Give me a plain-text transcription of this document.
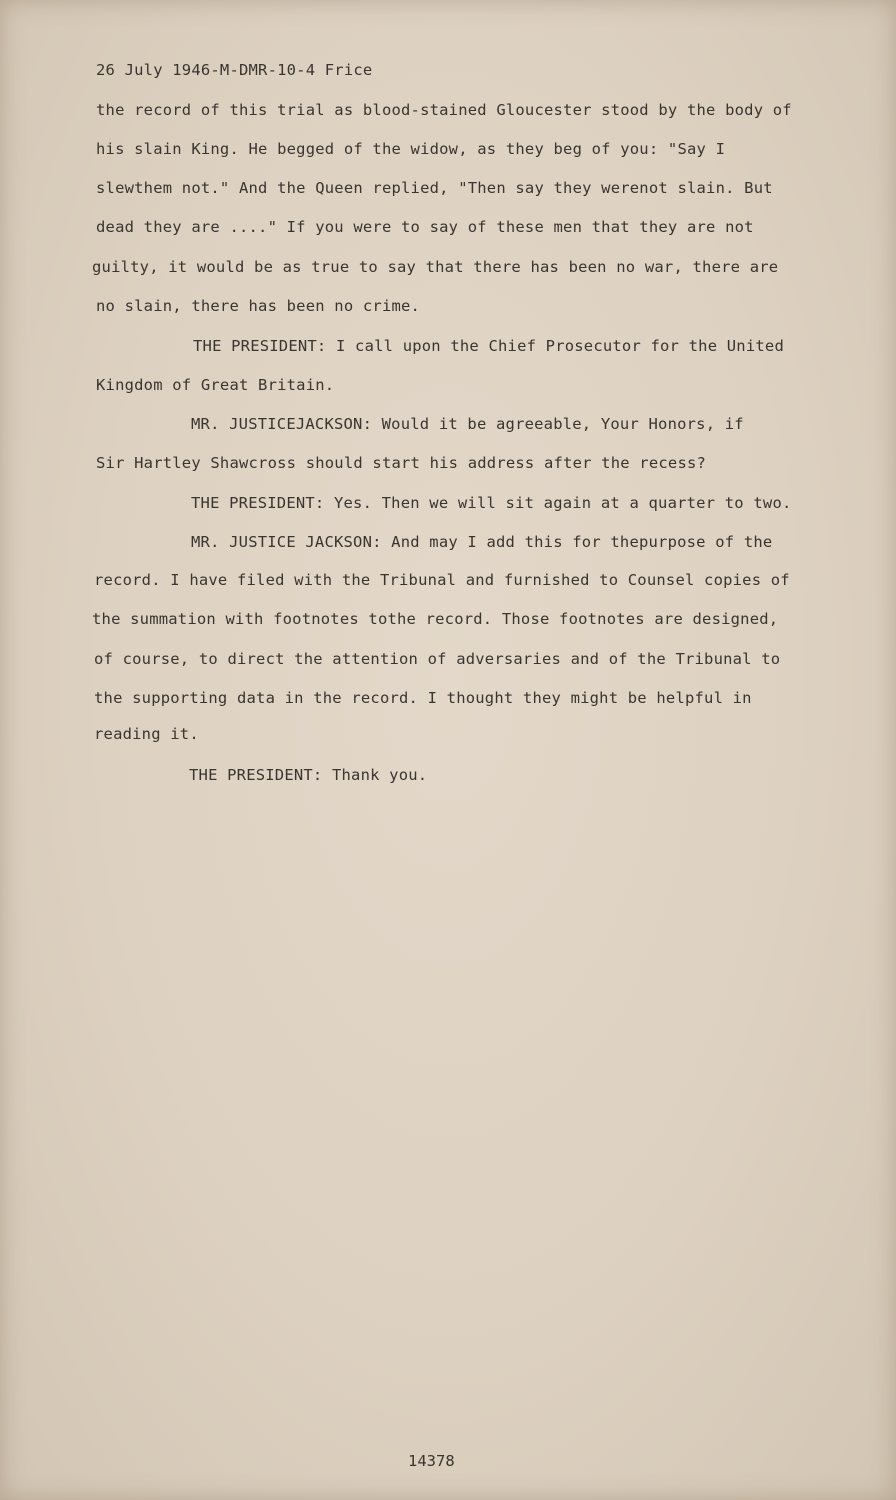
26 July 1946-M-DMR-10-4 Frice
the record of this trial as blood-stained Gloucester stood by the body of
his slain King. He begged of the widow, as they beg of you: "Say I
slewthem not." And the Queen replied, "Then say they werenot slain. But
dead they are ...." If you were to say of these men that they are not
guilty, it would be as true to say that there has been no war, there are
no slain, there has been no crime.
THE PRESIDENT: I call upon the Chief Prosecutor for the United
Kingdom of Great Britain.
MR. JUSTICEJACKSON: Would it be agreeable, Your Honors, if
Sir Hartley Shawcross should start his address after the recess?
THE PRESIDENT: Yes. Then we will sit again at a quarter to two.
MR. JUSTICE JACKSON: And may I add this for thepurpose of the
record. I have filed with the Tribunal and furnished to Counsel copies of
the summation with footnotes tothe record. Those footnotes are designed,
of course, to direct the attention of adversaries and of the Tribunal to
the supporting data in the record. I thought they might be helpful in
reading it.
THE PRESIDENT: Thank you.
14378
